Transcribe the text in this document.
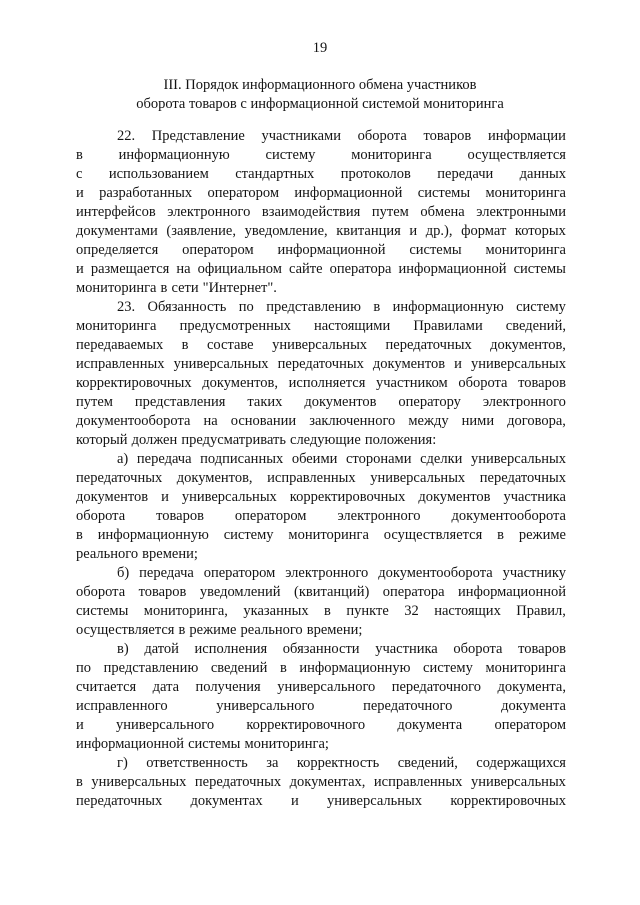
19
III. Порядок информационного обмена участников
оборота товаров с информационной системой мониторинга
22. Представление участниками оборота товаров информации
в информационную систему мониторинга осуществляется
с использованием стандартных протоколов передачи данных
и разработанных оператором информационной системы мониторинга
интерфейсов электронного взаимодействия путем обмена электронными
документами (заявление, уведомление, квитанция и др.), формат которых
определяется оператором информационной системы мониторинга
и размещается на официальном сайте оператора информационной системы
мониторинга в сети "Интернет".
23. Обязанность по представлению в информационную систему
мониторинга предусмотренных настоящими Правилами сведений,
передаваемых в составе универсальных передаточных документов,
исправленных универсальных передаточных документов и универсальных
корректировочных документов, исполняется участником оборота товаров
путем представления таких документов оператору электронного
документооборота на основании заключенного между ними договора,
который должен предусматривать следующие положения:
а) передача подписанных обеими сторонами сделки универсальных
передаточных документов, исправленных универсальных передаточных
документов и универсальных корректировочных документов участника
оборота товаров оператором электронного документооборота
в информационную систему мониторинга осуществляется в режиме
реального времени;
б) передача оператором электронного документооборота участнику
оборота товаров уведомлений (квитанций) оператора информационной
системы мониторинга, указанных в пункте 32 настоящих Правил,
осуществляется в режиме реального времени;
в) датой исполнения обязанности участника оборота товаров
по представлению сведений в информационную систему мониторинга
считается дата получения универсального передаточного документа,
исправленного	универсального	передаточного	документа
и универсального корректировочного документа оператором
информационной системы мониторинга;
г) ответственность за корректность сведений, содержащихся
в универсальных передаточных документах, исправленных универсальных
передаточных документах и универсальных корректировочных
